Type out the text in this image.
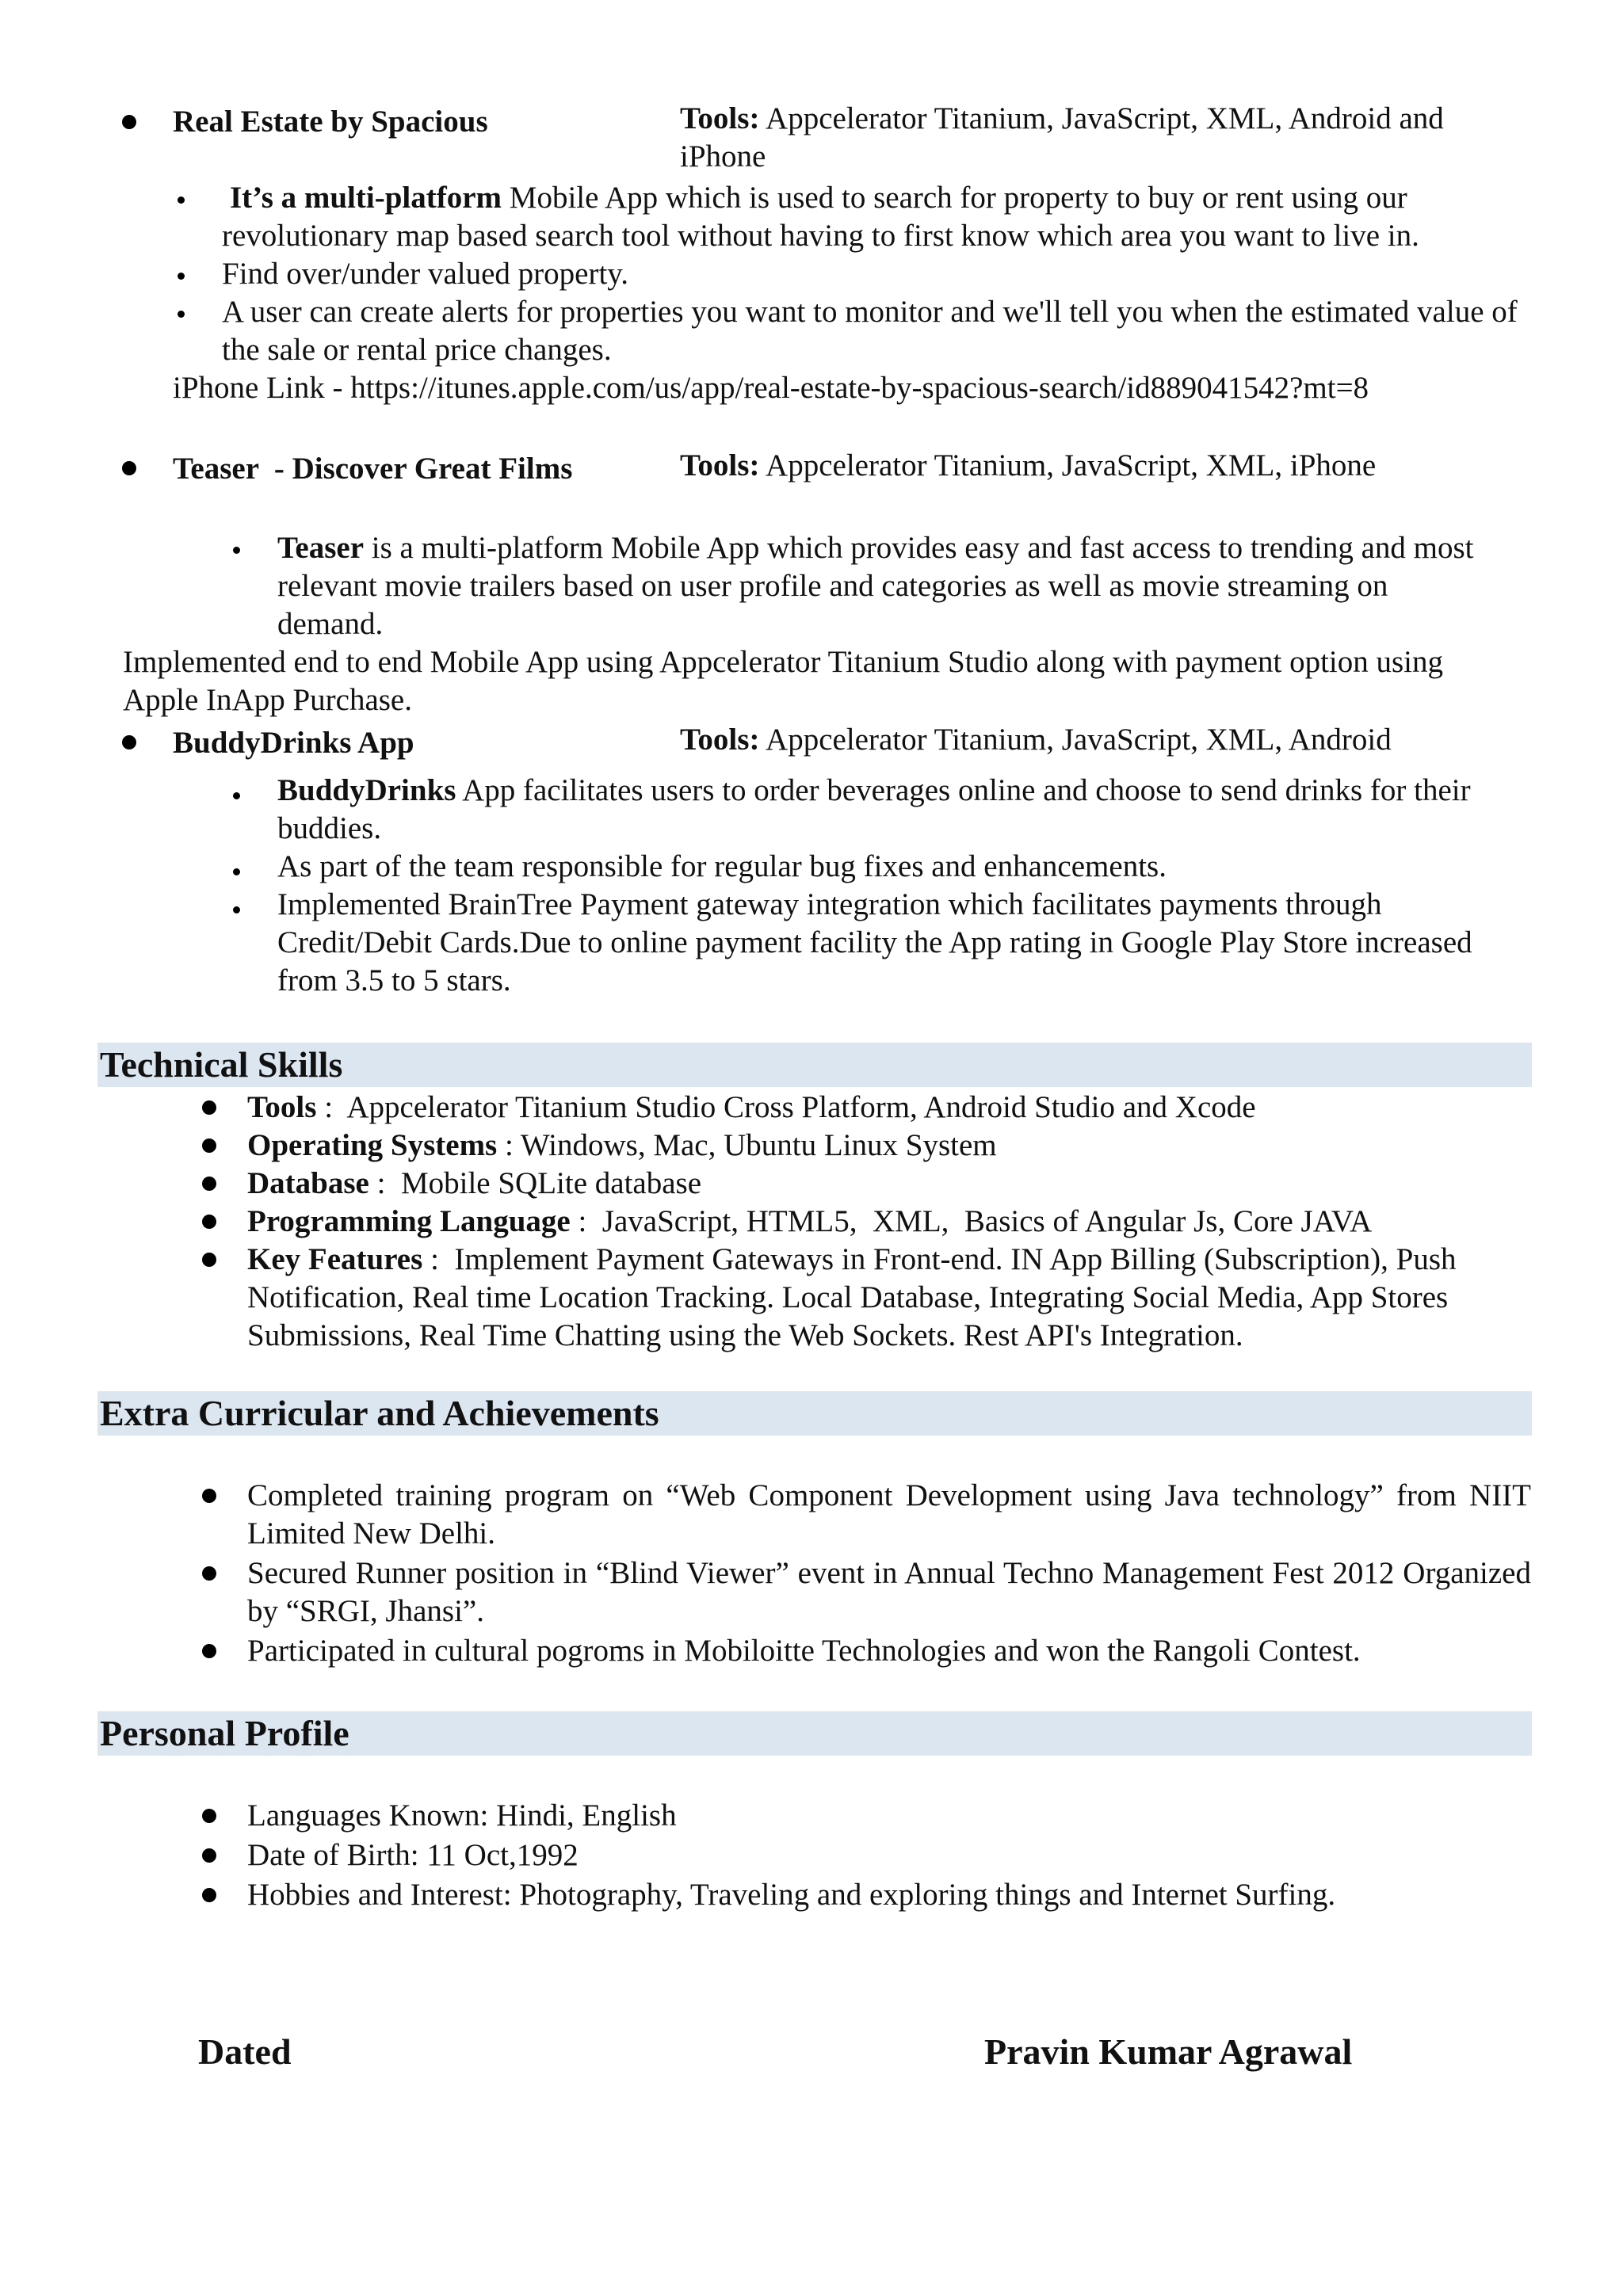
Real Estate by Spacious	Tools: Appcelerator Titanium, JavaScript, XML, Android and iPhone
It’s a multi-platform Mobile App which is used to search for property to buy or rent using our revolutionary map based search tool without having to first know which area you want to live in.
Find over/under valued property.
A user can create alerts for properties you want to monitor and we'll tell you when the estimated value of the sale or rental price changes.
iPhone Link - https://itunes.apple.com/us/app/real-estate-by-spacious-search/id889041542?mt=8
Teaser  - Discover Great Films	Tools: Appcelerator Titanium, JavaScript, XML, iPhone
Teaser is a multi-platform Mobile App which provides easy and fast access to trending and most relevant movie trailers based on user profile and categories as well as movie streaming on demand.
Implemented end to end Mobile App using Appcelerator Titanium Studio along with payment option using Apple InApp Purchase.
BuddyDrinks App	Tools: Appcelerator Titanium, JavaScript, XML, Android
BuddyDrinks App facilitates users to order beverages online and choose to send drinks for their buddies.
As part of the team responsible for regular bug fixes and enhancements.
Implemented BrainTree Payment gateway integration which facilitates payments through Credit/Debit Cards.Due to online payment facility the App rating in Google Play Store increased from 3.5 to 5 stars.
Technical Skills
Tools :  Appcelerator Titanium Studio Cross Platform, Android Studio and Xcode
Operating Systems : Windows, Mac, Ubuntu Linux System
Database :  Mobile SQLite database
Programming Language :  JavaScript, HTML5,  XML,  Basics of Angular Js, Core JAVA
Key Features :  Implement Payment Gateways in Front-end. IN App Billing (Subscription), Push Notification, Real time Location Tracking. Local Database, Integrating Social Media, App Stores Submissions, Real Time Chatting using the Web Sockets. Rest API's Integration.
Extra Curricular and Achievements
Completed training program on “Web Component Development using Java technology” from NIIT Limited New Delhi.
Secured Runner position in “Blind Viewer” event in Annual Techno Management Fest 2012 Organized by “SRGI, Jhansi”.
Participated in cultural pogroms in Mobiloitte Technologies and won the Rangoli Contest.
Personal Profile
Languages Known: Hindi, English
Date of Birth: 11 Oct,1992
Hobbies and Interest: Photography, Traveling and exploring things and Internet Surfing.
Dated	Pravin Kumar Agrawal
